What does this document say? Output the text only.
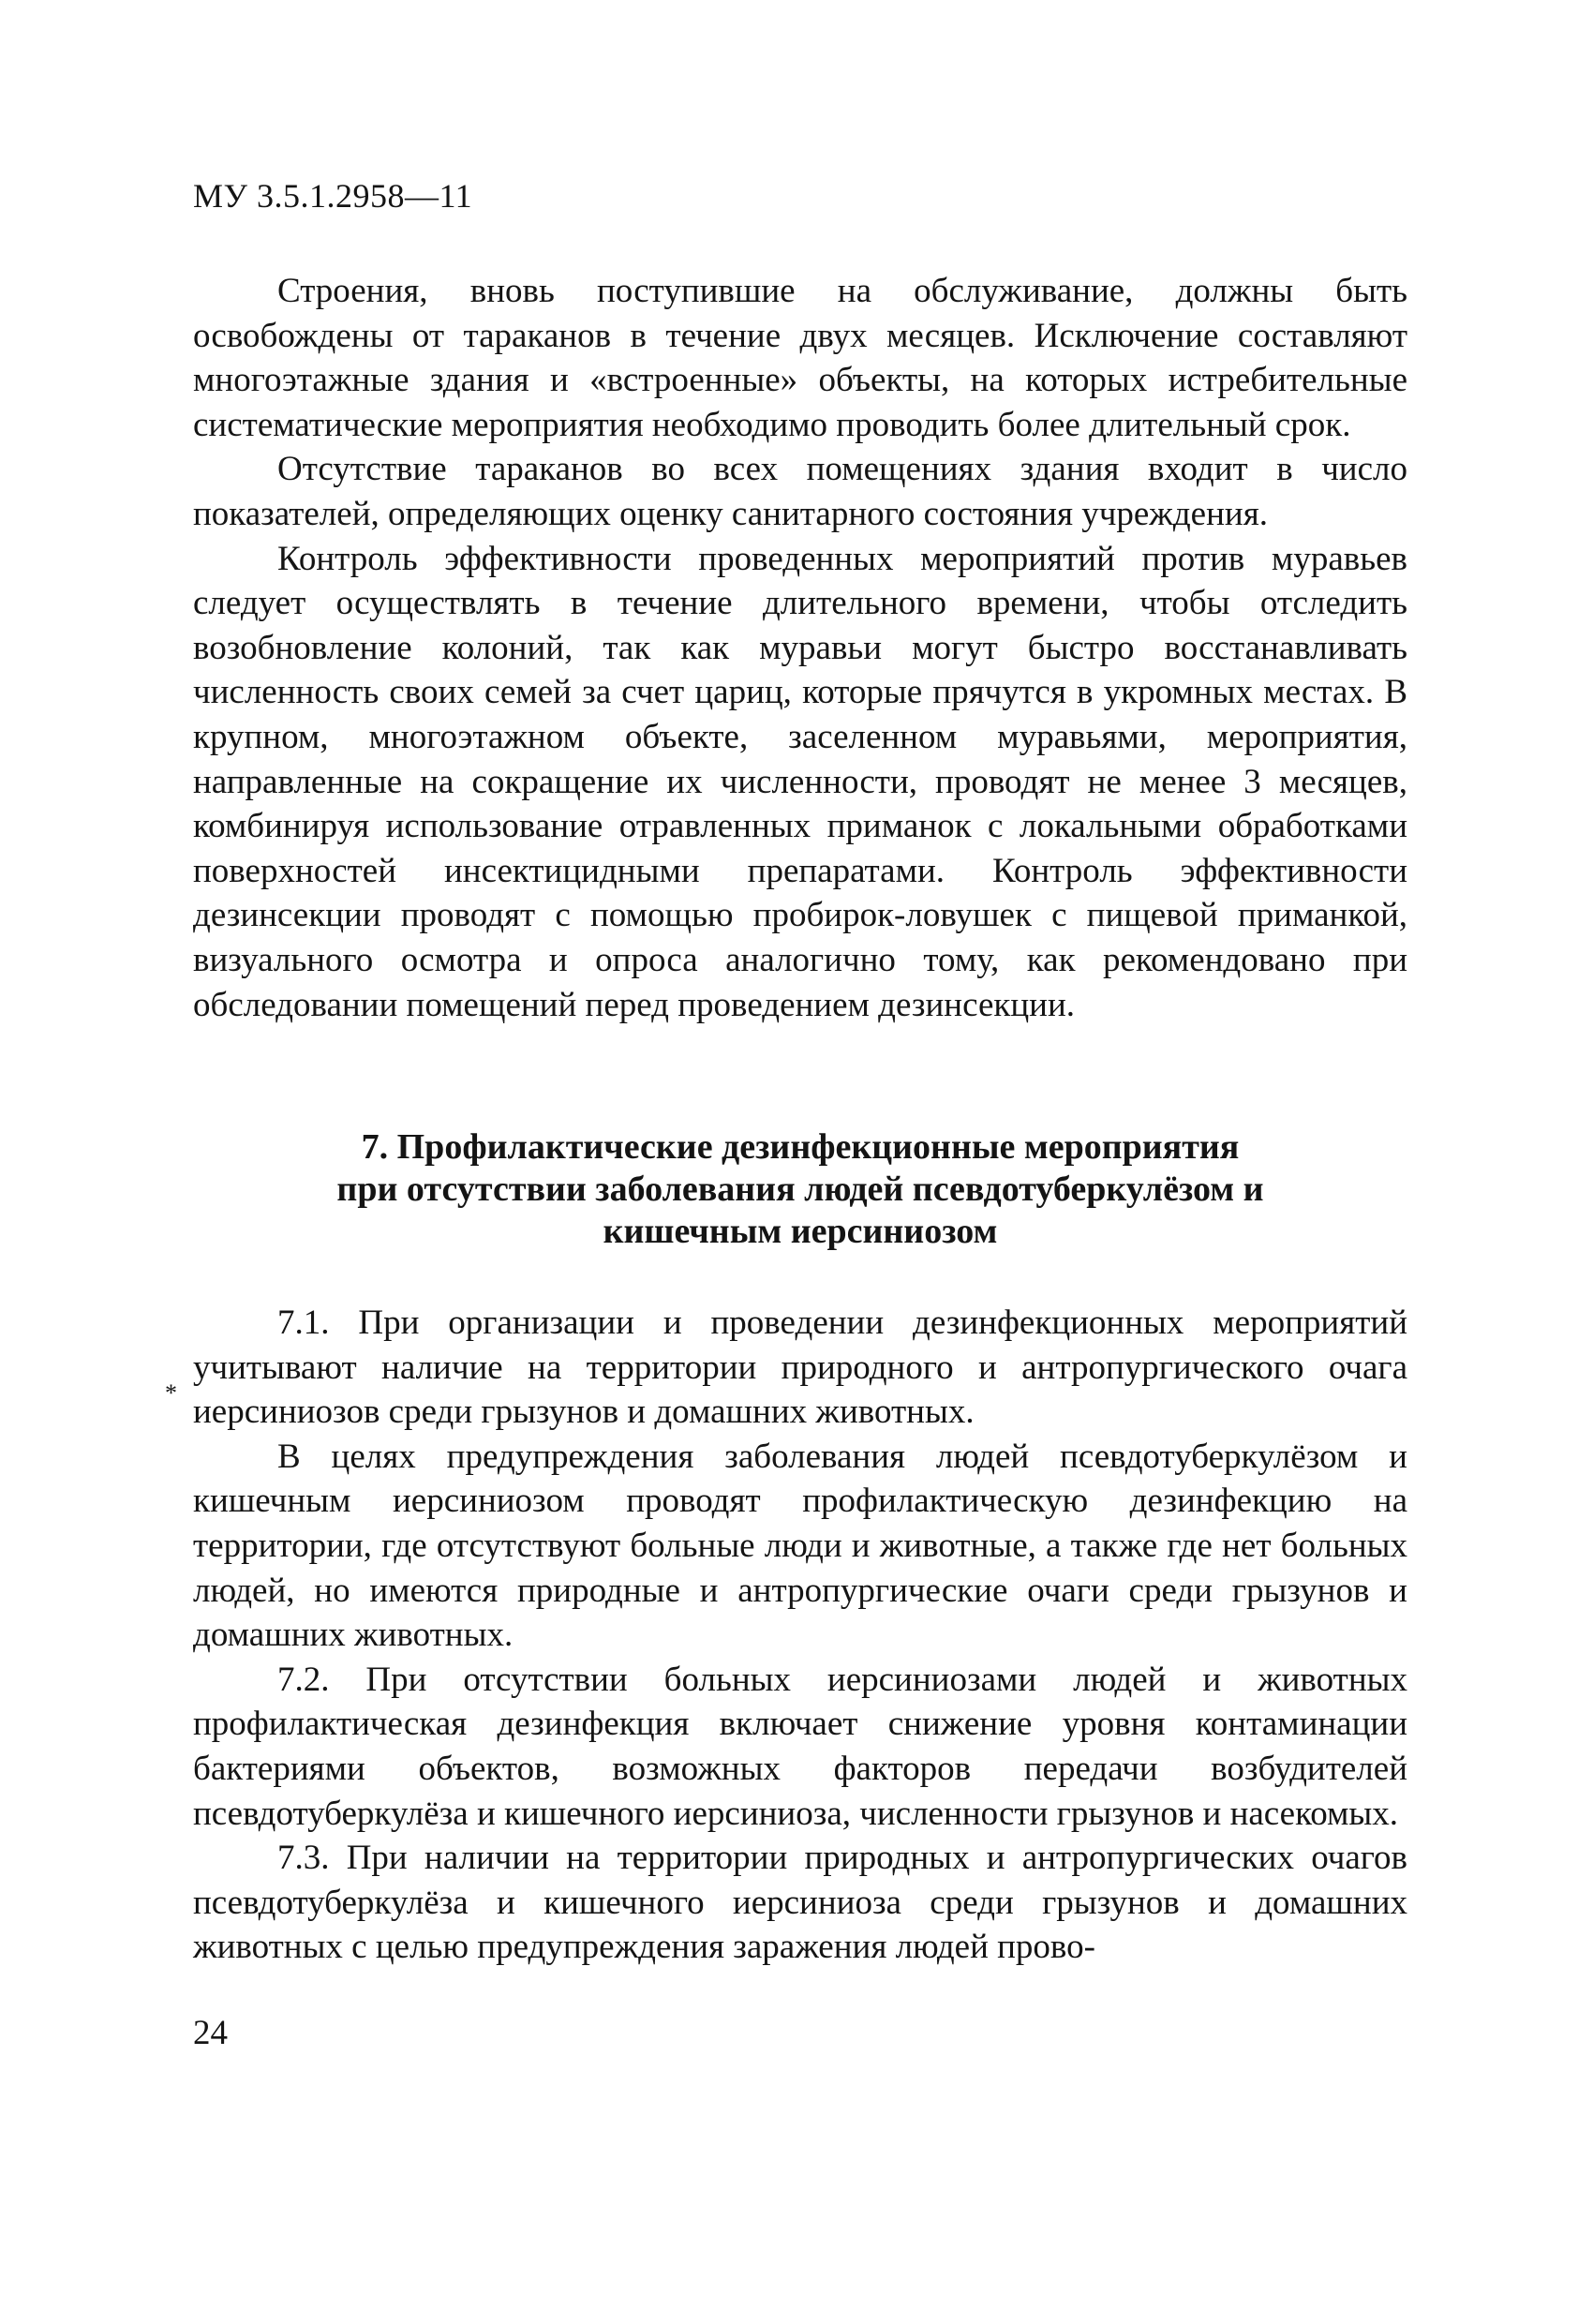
МУ 3.5.1.2958—11

Строения, вновь поступившие на обслуживание, должны быть освобождены от тараканов в течение двух месяцев. Исключение составляют многоэтажные здания и «встроенные» объекты, на которых истребительные систематические мероприятия необходимо проводить более длительный срок.

Отсутствие тараканов во всех помещениях здания входит в число показателей, определяющих оценку санитарного состояния учреждения.

Контроль эффективности проведенных мероприятий против муравьев следует осуществлять в течение длительного времени, чтобы отследить возобновление колоний, так как муравьи могут быстро восстанавливать численность своих семей за счет цариц, которые прячутся в укромных местах. В крупном, многоэтажном объекте, заселенном муравьями, мероприятия, направленные на сокращение их численности, проводят не менее 3 месяцев, комбинируя использование отравленных приманок с локальными обработками поверхностей инсектицидными препаратами. Контроль эффективности дезинсекции проводят с помощью пробирок-ловушек с пищевой приманкой, визуального осмотра и опроса аналогично тому, как рекомендовано при обследовании помещений перед проведением дезинсекции.

7. Профилактические дезинфекционные мероприятия
при отсутствии заболевания людей псевдотуберкулёзом и
кишечным иерсиниозом
*

7.1. При организации и проведении дезинфекционных мероприятий учитывают наличие на территории природного и антропургического очага иерсиниозов среди грызунов и домашних животных.

В целях предупреждения заболевания людей псевдотуберкулёзом и кишечным иерсиниозом проводят профилактическую дезинфекцию на территории, где отсутствуют больные люди и животные, а также где нет больных людей, но имеются природные и антропургические очаги среди грызунов и домашних животных.

7.2. При отсутствии больных иерсиниозами людей и животных профилактическая дезинфекция включает снижение уровня контаминации бактериями объектов, возможных факторов передачи возбудителей псевдотуберкулёза и кишечного иерсиниоза, численности грызунов и насекомых.

7.3. При наличии на территории природных и антропургических очагов псевдотуберкулёза и кишечного иерсиниоза среди грызунов и домашних животных с целью предупреждения заражения людей прово-

24
